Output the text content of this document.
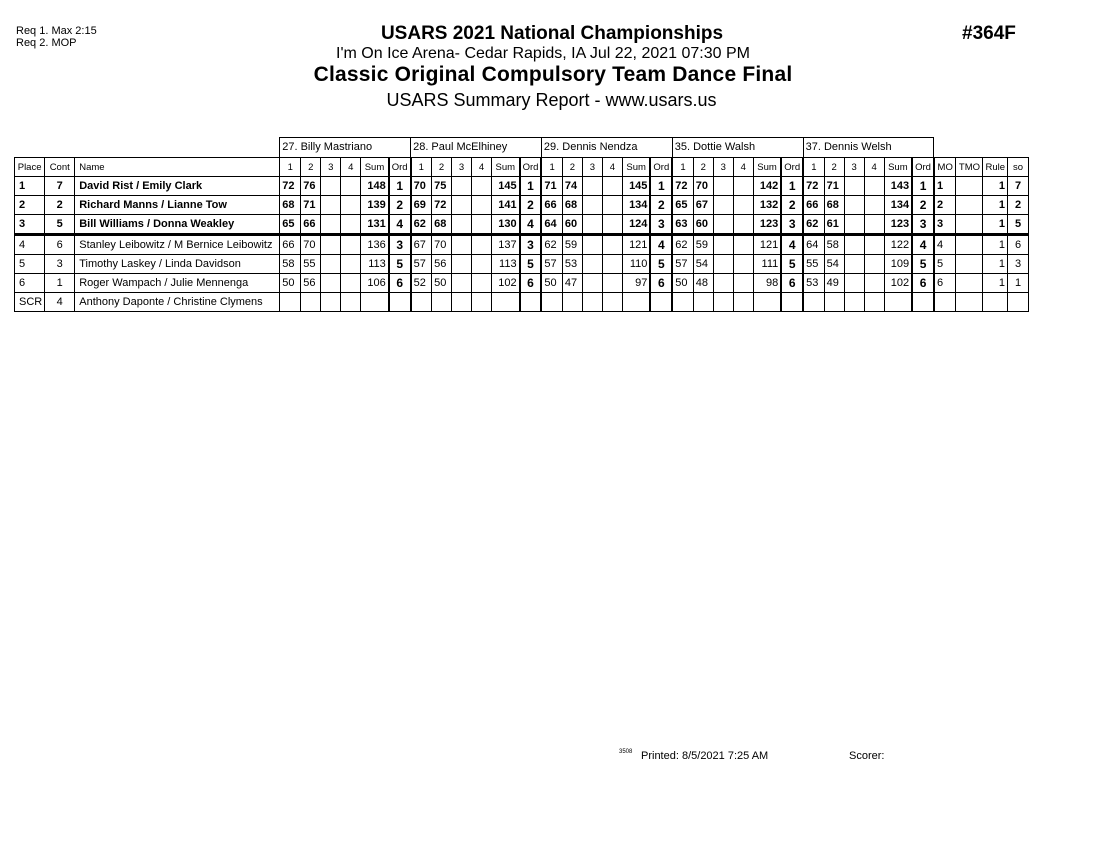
Req 1. Max 2:15
Req 2. MOP	USARS 2021 National Championships
I'm On Ice Arena- Cedar Rapids, IA Jul 22, 2021 07:30 PM
Classic Original Compulsory Team Dance Final
USARS Summary Report - www.usars.us
#364F
			27. Billy Mastriano						28. Paul McElhiney						29. Dennis Nendza						35. Dottie Walsh						37. Dennis Welsh									
Place	Cont	Name	1	2	3	4	Sum	Ord	1	2	3	4	Sum	Ord	1	2	3	4	Sum	Ord	1	2	3	4	Sum	Ord	1	2	3	4	Sum	Ord	MO	TMO	Rule	so
1	7	David Rist / Emily Clark	72	76			148	1	70	75			145	1	71	74			145	1	72	70			142	1	72	71			143	1	1		1	7
2	2	Richard Manns / Lianne Tow	68	71			139	2	69	72			141	2	66	68			134	2	65	67			132	2	66	68			134	2	2		1	2
3	5	Bill Williams / Donna Weakley	65	66			131	4	62	68			130	4	64	60			124	3	63	60			123	3	62	61			123	3	3		1	5
4	6	Stanley Leibowitz / M Bernice Leibowitz	66	70			136	3	67	70			137	3	62	59			121	4	62	59			121	4	64	58			122	4	4		1	6
5	3	Timothy Laskey / Linda Davidson	58	55			113	5	57	56			113	5	57	53			110	5	57	54			111	5	55	54			109	5	5		1	3
6	1	Roger Wampach / Julie Mennenga	50	56			106	6	52	50			102	6	50	47			97	6	50	48			98	6	53	49			102	6	6		1	1
SCR	4	Anthony Daponte / Christine Clymens																																		
3508 Printed: 8/5/2021 7:25 AM	Scorer:
